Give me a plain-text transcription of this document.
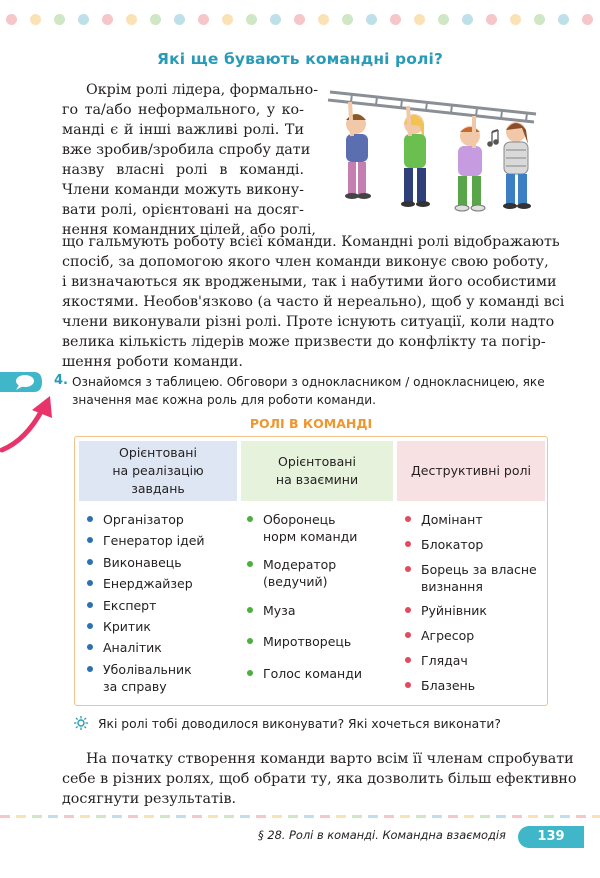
Які ще бувають командні ролі?
Окрім ролі лідера, формально-
го та/або неформального, у ко-
манді є й інші важливі ролі. Ти
вже зробив/зробила спробу дати
назву власні ролі в команді.
Члени команди можуть викону-
вати ролі, орієнтовані на досяг-
нення командних цілей, або ролі,
що гальмують роботу всієї команди. Командні ролі відображають
спосіб, за допомогою якого член команди виконує свою роботу,
і визначаються як вроджеными, так і набутими його особистими
якостями. Необов'язково (а часто й нереально), щоб у команді всі
члени виконували різні ролі. Проте існують ситуації, коли надто
велика кількість лідерів може призвести до конфлікту та погір-
шення роботи команди.
4. Ознайомся з таблицею. Обговори з однокласником / однокласницею, яке
значення має кожна роль для роботи команди.
РОЛІ В КОМАНДІ
Орієнтовані
на реалізацію
завдань
Орієнтовані
на взаємини
Деструктивні ролі
Організатор
Генератор ідей
Виконавець
Енерджайзер
Експерт
Критик
Аналітик
Уболівальник
за справу
Оборонець
норм команди
Модератор
(ведучий)
Муза
Миротворець
Голос команди
Домінант
Блокатор
Борець за власне
визнання
Руйнівник
Агресор
Глядач
Блазень
Які ролі тобі доводилося виконувати? Які хочеться виконати?
На початку створення команди варто всім її членам спробувати
себе в різних ролях, щоб обрати ту, яка дозволить більш ефективно
досягнути результатів.
§ 28. Ролі в команді. Командна взаємодія	139
